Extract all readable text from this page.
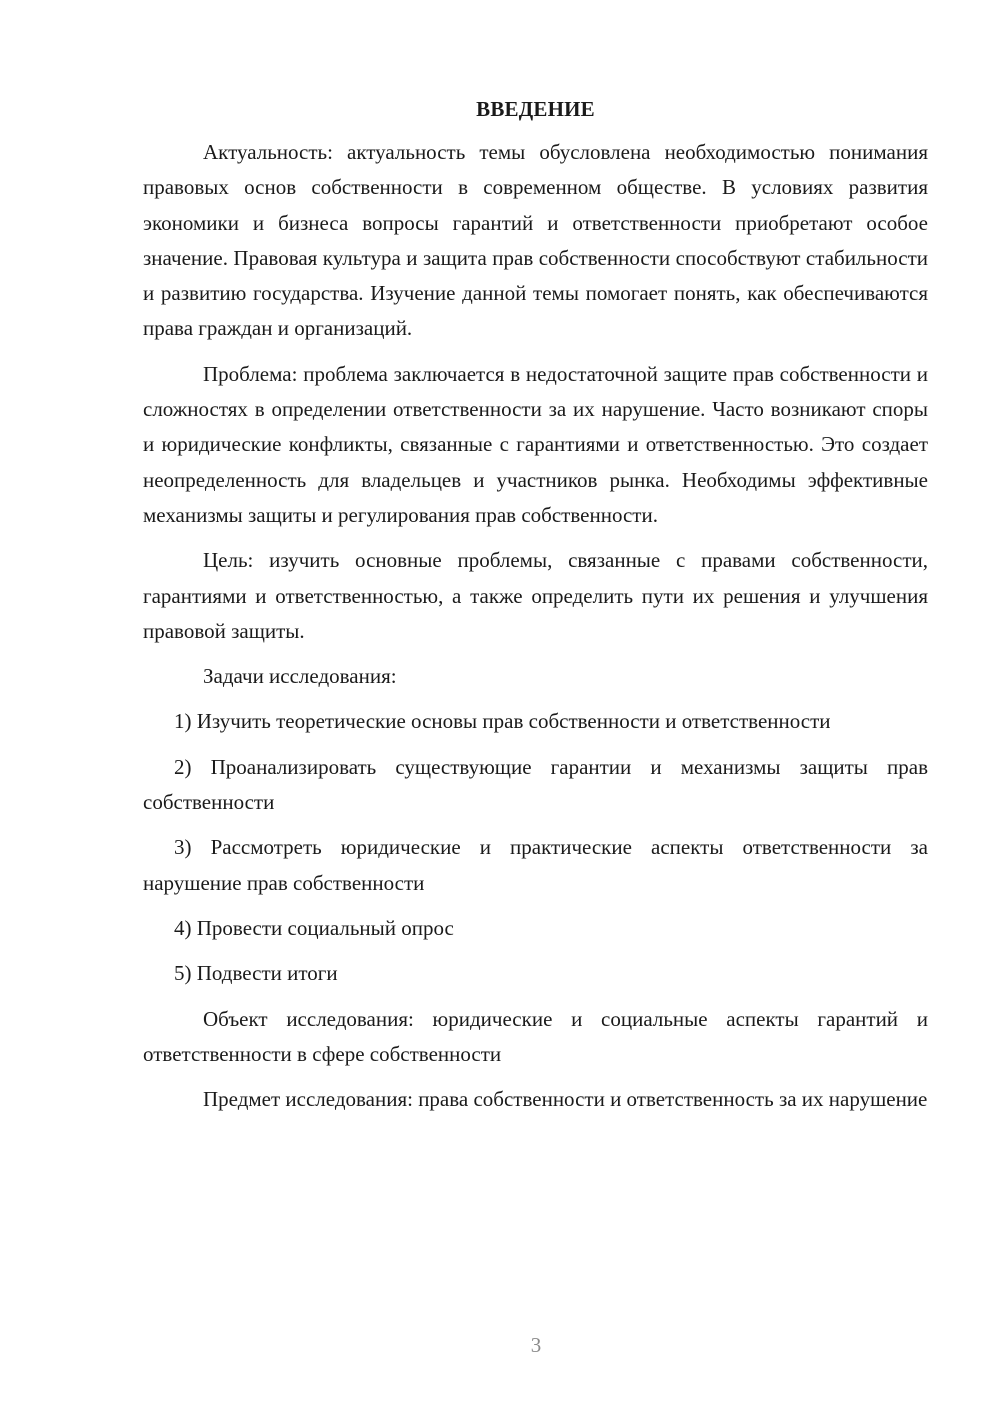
ВВЕДЕНИЕ

Актуальность: актуальность темы обусловлена необходимостью понимания правовых основ собственности в современном обществе. В условиях развития экономики и бизнеса вопросы гарантий и ответственности приобретают особое значение. Правовая культура и защита прав собственности способствуют стабильности и развитию государства. Изучение данной темы помогает понять, как обеспечиваются права граждан и организаций.

Проблема: проблема заключается в недостаточной защите прав собственности и сложностях в определении ответственности за их нарушение. Часто возникают споры и юридические конфликты, связанные с гарантиями и ответственностью. Это создает неопределенность для владельцев и участников рынка. Необходимы эффективные механизмы защиты и регулирования прав собственности.

Цель: изучить основные проблемы, связанные с правами собственности, гарантиями и ответственностью, а также определить пути их решения и улучшения правовой защиты.

Задачи исследования:

1) Изучить теоретические основы прав собственности и ответственности

2) Проанализировать существующие гарантии и механизмы защиты прав собственности

3) Рассмотреть юридические и практические аспекты ответственности за нарушение прав собственности

4) Провести социальный опрос

5) Подвести итоги

Объект исследования: юридические и социальные аспекты гарантий и ответственности в сфере собственности

Предмет исследования: права собственности и ответственность за их нарушение

3
